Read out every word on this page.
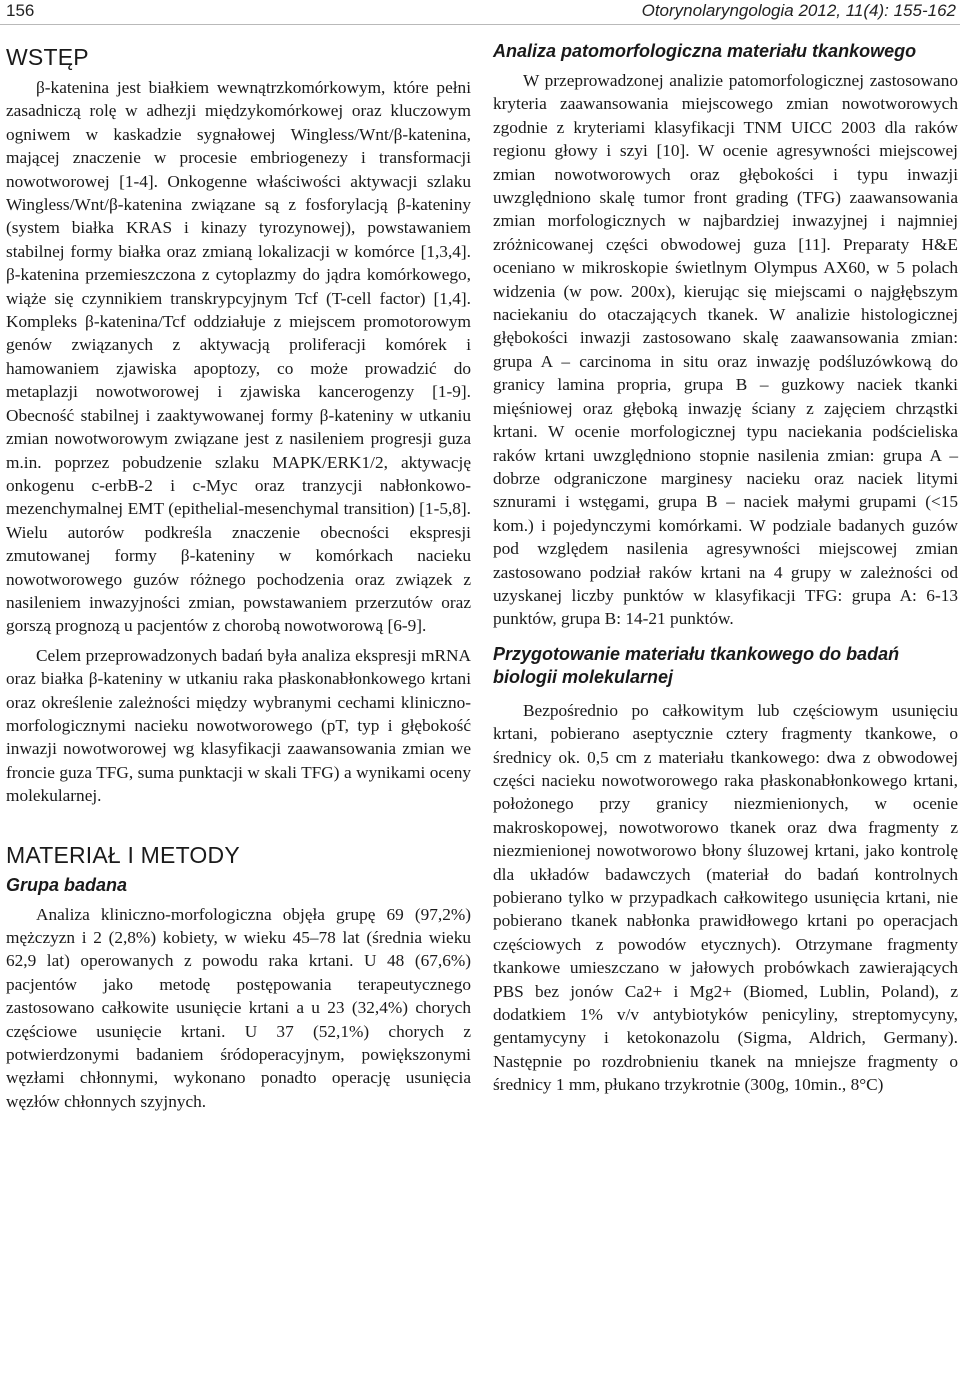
156	Otorynolaryngologia 2012, 11(4): 155-162
WSTĘP

β-katenina jest białkiem wewnątrzkomórkowym, które pełni zasadniczą rolę w adhezji międzykomórkowej oraz kluczowym ogniwem w kaskadzie sygnałowej Wingless/Wnt/β-katenina, mającej znaczenie w procesie embriogenezy i transformacji nowotworowej [1-4]. Onkogenne właściwości aktywacji szlaku Wingless/Wnt/β-katenina związane są z fosforylacją β-kateniny (system białka KRAS i kinazy tyrozynowej), powstawaniem stabilnej formy białka oraz zmianą lokalizacji w komórce [1,3,4]. β-katenina przemieszczona z cytoplazmy do jądra komórkowego, wiąże się czynnikiem transkrypcyjnym Tcf (T-cell factor) [1,4]. Kompleks β-katenina/Tcf oddziałuje z miejscem promotorowym genów związanych z aktywacją proliferacji komórek i hamowaniem zjawiska apoptozy, co może prowadzić do metaplazji nowotworowej i zjawiska kancerogenzy [1-9]. Obecność stabilnej i zaaktywowanej formy β-kateniny w utkaniu zmian nowotworowym związane jest z nasileniem progresji guza m.in. poprzez pobudzenie szlaku MAPK/ERK1/2, aktywację onkogenu c-erbB-2 i c-Myc oraz tranzycji nabłonkowo-mezenchymalnej EMT (epithelial-mesenchymal transition) [1-5,8]. Wielu autorów podkreśla znaczenie obecności ekspresji zmutowanej formy β-kateniny w komórkach nacieku nowotworowego guzów różnego pochodzenia oraz związek z nasileniem inwazyjności zmian, powstawaniem przerzutów oraz gorszą prognozą u pacjentów z chorobą nowotworową [6-9].

Celem przeprowadzonych badań była analiza ekspresji mRNA oraz białka β-kateniny w utkaniu raka płaskonabłonkowego krtani oraz określenie zależności między wybranymi cechami kliniczno-morfologicznymi nacieku nowotworowego (pT, typ i głębokość inwazji nowotworowej wg klasyfikacji zaawansowania zmian we froncie guza TFG, suma punktacji w skali TFG) a wynikami oceny molekularnej.

MATERIAŁ I METODY
Grupa badana

Analiza kliniczno-morfologiczna objęła grupę 69 (97,2%) mężczyzn i 2 (2,8%) kobiety, w wieku 45–78 lat (średnia wieku 62,9 lat) operowanych z powodu raka krtani. U 48 (67,6%) pacjentów jako metodę postępowania terapeutycznego zastosowano całkowite usunięcie krtani a u 23 (32,4%) chorych częściowe usunięcie krtani. U 37 (52,1%) chorych z potwierdzonymi badaniem śródoperacyjnym, powiększonymi węzłami chłonnymi, wykonano ponadto operację usunięcia węzłów chłonnych szyjnych.

Analiza patomorfologiczna materiału tkankowego

W przeprowadzonej analizie patomorfologicznej zastosowano kryteria zaawansowania miejscowego zmian nowotworowych zgodnie z kryteriami klasyfikacji TNM UICC 2003 dla raków regionu głowy i szyi [10]. W ocenie agresywności miejscowej zmian nowotworowych oraz głębokości i typu inwazji uwzględniono skalę tumor front grading (TFG) zaawansowania zmian morfologicznych w najbardziej inwazyjnej i najmniej zróżnicowanej części obwodowej guza [11]. Preparaty H&E oceniano w mikroskopie świetlnym Olympus AX60, w 5 polach widzenia (w pow. 200x), kierując się miejscami o najgłębszym naciekaniu do otaczających tkanek. W analizie histologicznej głębokości inwazji zastosowano skalę zaawansowania zmian: grupa A – carcinoma in situ oraz inwazję podśluzówkową do granicy lamina propria, grupa B – guzkowy naciek tkanki mięśniowej oraz głęboką inwazję ściany z zajęciem chrząstki krtani. W ocenie morfologicznej typu naciekania podścieliska raków krtani uwzględniono stopnie nasilenia zmian: grupa A – dobrze odgraniczone marginesy nacieku oraz naciek litymi sznurami i wstęgami, grupa B – naciek małymi grupami (<15 kom.) i pojedynczymi komórkami. W podziale badanych guzów pod względem nasilenia agresywności miejscowej zmian zastosowano podział raków krtani na 4 grupy w zależności od uzyskanej liczby punktów w klasyfikacji TFG: grupa A: 6-13 punktów, grupa B: 14-21 punktów.

Przygotowanie materiału tkankowego do badań biologii molekularnej

Bezpośrednio po całkowitym lub częściowym usunięciu krtani, pobierano aseptycznie cztery fragmenty tkankowe, o średnicy ok. 0,5 cm z materiału tkankowego: dwa z obwodowej części nacieku nowotworowego raka płaskonabłonkowego krtani, położonego przy granicy niezmienionych, w ocenie makroskopowej, nowotworowo tkanek oraz dwa fragmenty z niezmienionej nowotworowo błony śluzowej krtani, jako kontrolę dla układów badawczych (materiał do badań kontrolnych pobierano tylko w przypadkach całkowitego usunięcia krtani, nie pobierano tkanek nabłonka prawidłowego krtani po operacjach częściowych z powodów etycznych). Otrzymane fragmenty tkankowe umieszczano w jałowych probówkach zawierających PBS bez jonów Ca2+ i Mg2+ (Biomed, Lublin, Poland), z dodatkiem 1% v/v antybiotyków penicyliny, streptomycyny, gentamycyny i ketokonazolu (Sigma, Aldrich, Germany). Następnie po rozdrobnieniu tkanek na mniejsze fragmenty o średnicy 1 mm, płukano trzykrotnie (300g, 10min., 8°C)
